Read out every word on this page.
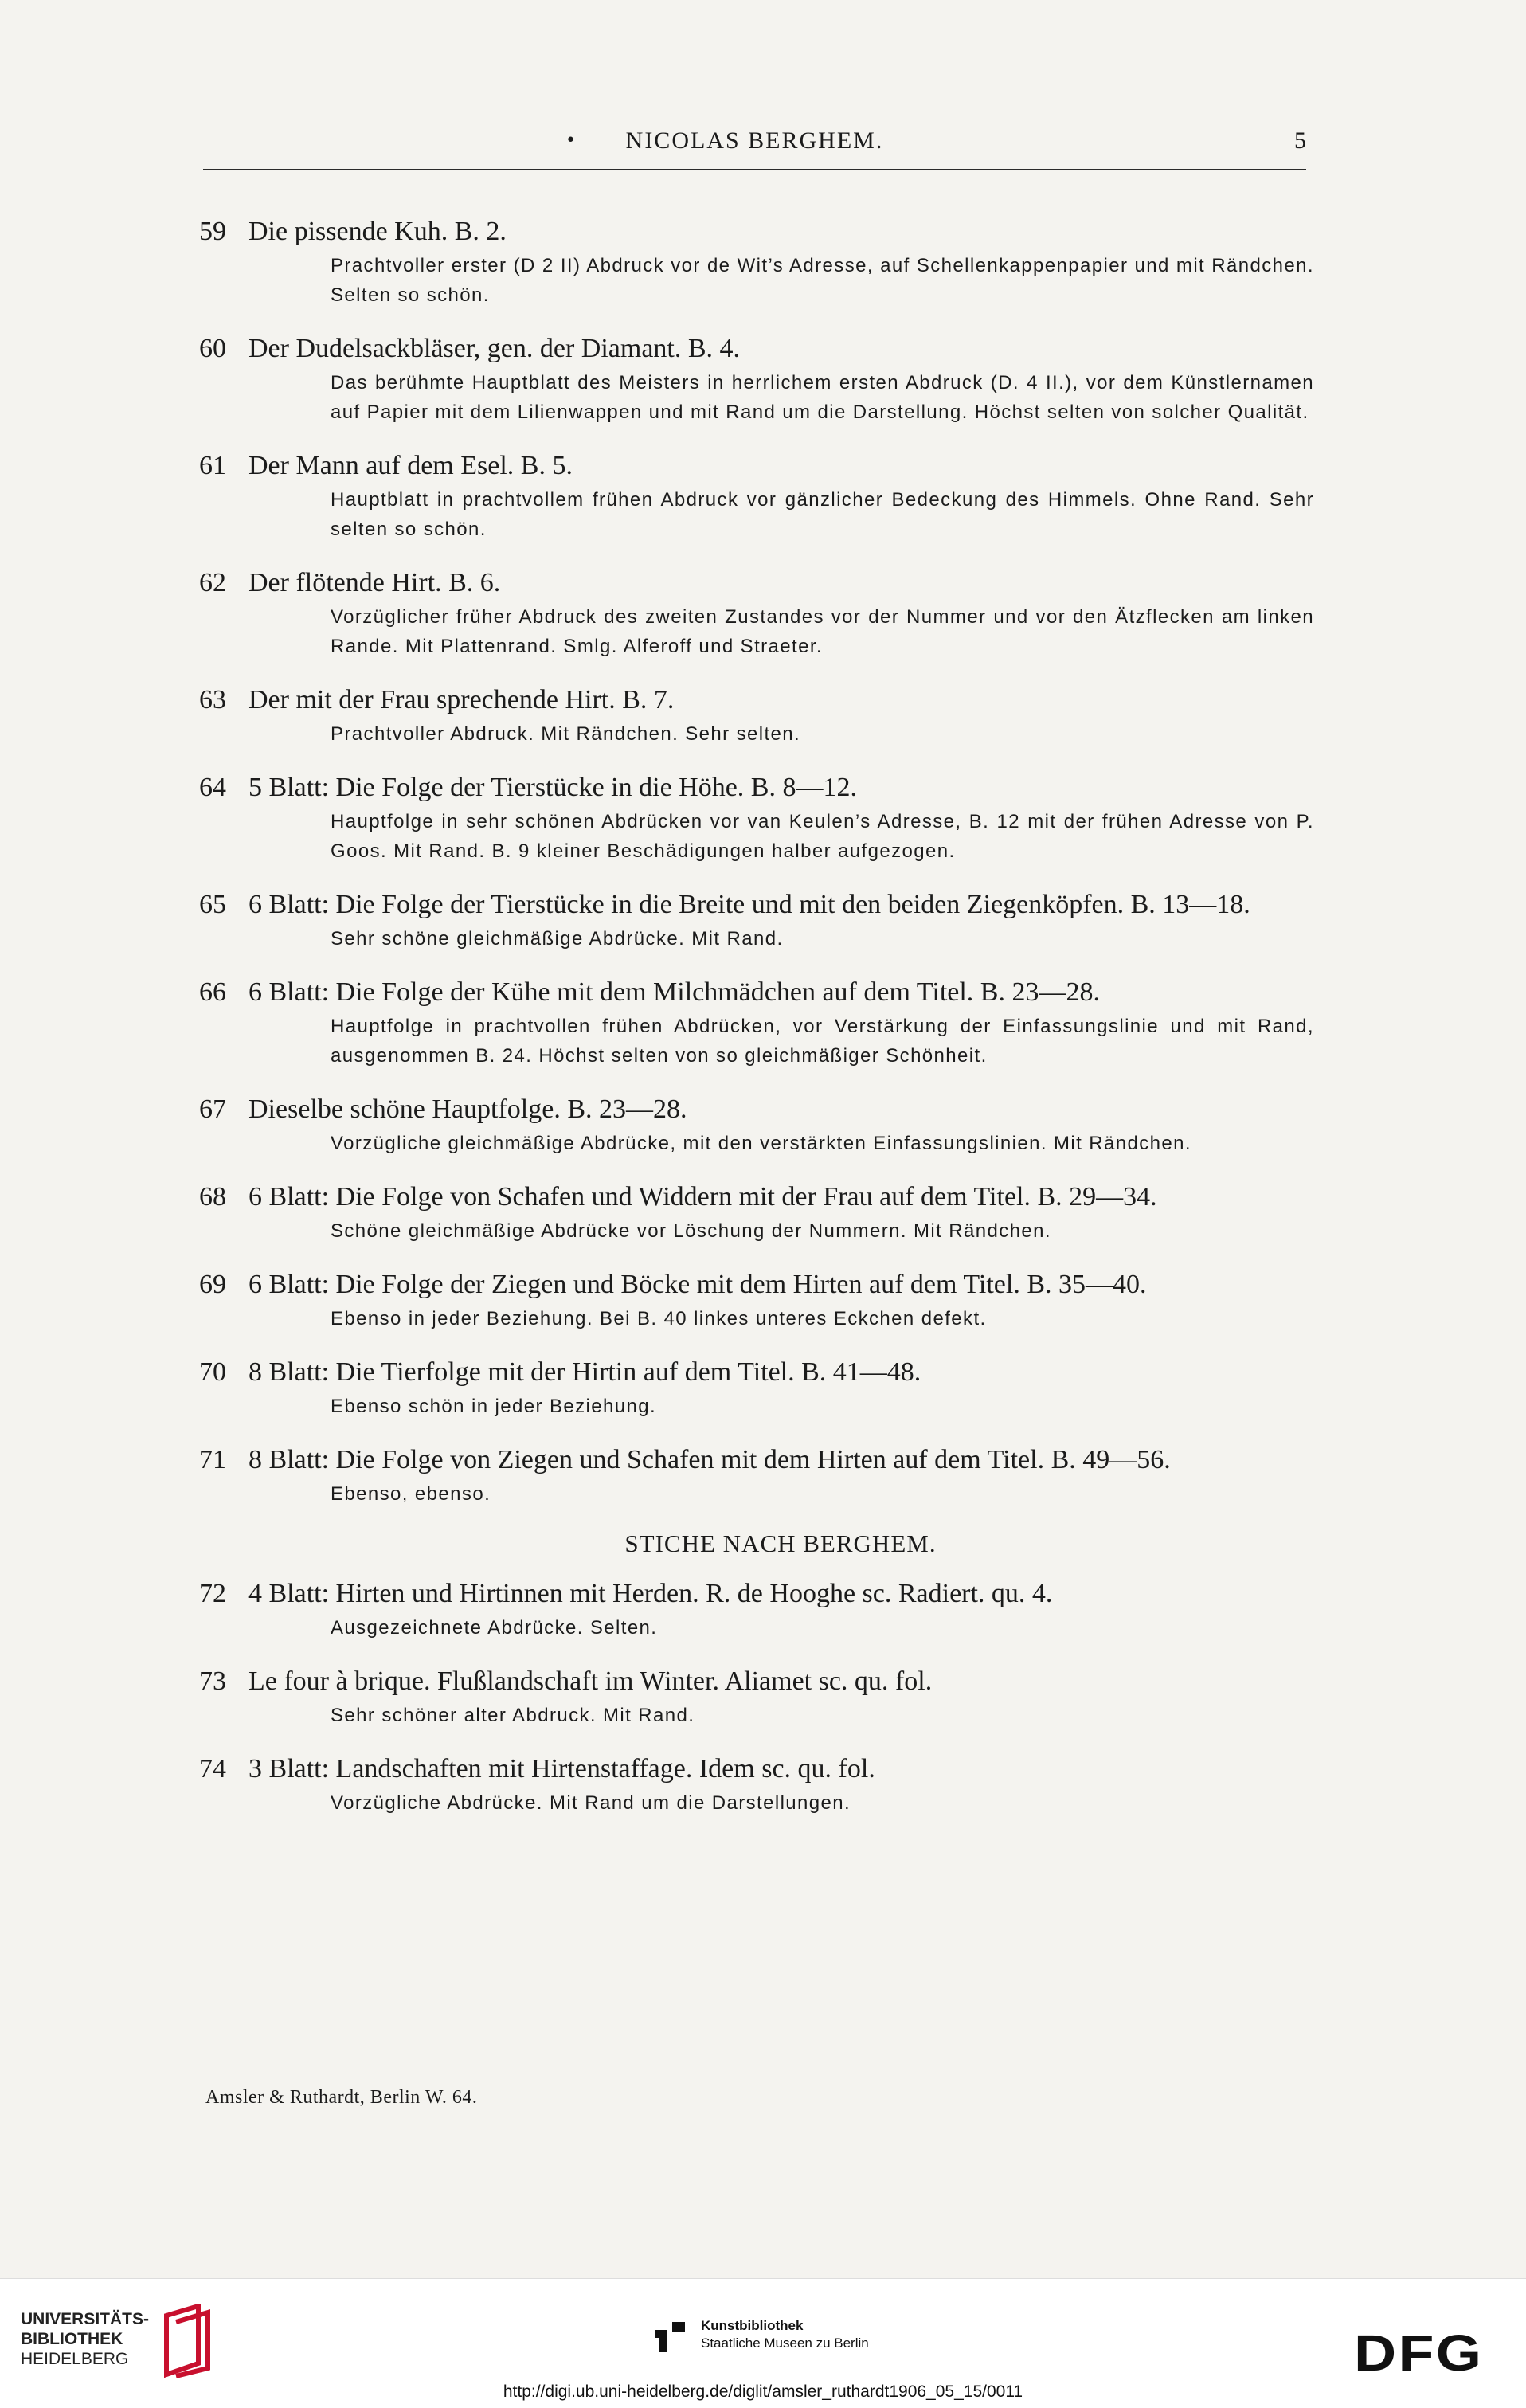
•	NICOLAS BERGHEM.	5
59 Die pissende Kuh. B. 2.
Prachtvoller erster (D 2 II) Abdruck vor de Wit’s Adresse, auf Schellenkappenpapier und mit Rändchen. Selten so schön.
60 Der Dudelsackbläser, gen. der Diamant. B. 4.
Das berühmte Hauptblatt des Meisters in herrlichem ersten Abdruck (D. 4 II.), vor dem Künstlernamen auf Papier mit dem Lilienwappen und mit Rand um die Darstellung. Höchst selten von solcher Qualität.
61 Der Mann auf dem Esel. B. 5.
Hauptblatt in prachtvollem frühen Abdruck vor gänzlicher Bedeckung des Himmels. Ohne Rand. Sehr selten so schön.
62 Der flötende Hirt. B. 6.
Vorzüglicher früher Abdruck des zweiten Zustandes vor der Nummer und vor den Ätzflecken am linken Rande. Mit Plattenrand. Smlg. Alferoff und Straeter.
63 Der mit der Frau sprechende Hirt. B. 7.
Prachtvoller Abdruck. Mit Rändchen. Sehr selten.
64 5 Blatt: Die Folge der Tierstücke in die Höhe. B. 8—12.
Hauptfolge in sehr schönen Abdrücken vor van Keulen’s Adresse, B. 12 mit der frühen Adresse von P. Goos. Mit Rand. B. 9 kleiner Beschädigungen halber aufgezogen.
65 6 Blatt: Die Folge der Tierstücke in die Breite und mit den beiden Ziegenköpfen. B. 13—18.
Sehr schöne gleichmäßige Abdrücke. Mit Rand.
66 6 Blatt: Die Folge der Kühe mit dem Milchmädchen auf dem Titel. B. 23—28.
Hauptfolge in prachtvollen frühen Abdrücken, vor Verstärkung der Einfassungslinie und mit Rand, ausgenommen B. 24. Höchst selten von so gleichmäßiger Schönheit.
67 Dieselbe schöne Hauptfolge. B. 23—28.
Vorzügliche gleichmäßige Abdrücke, mit den verstärkten Einfassungslinien. Mit Rändchen.
68 6 Blatt: Die Folge von Schafen und Widdern mit der Frau auf dem Titel. B. 29—34.
Schöne gleichmäßige Abdrücke vor Löschung der Nummern. Mit Rändchen.
69 6 Blatt: Die Folge der Ziegen und Böcke mit dem Hirten auf dem Titel. B. 35—40.
Ebenso in jeder Beziehung. Bei B. 40 linkes unteres Eckchen defekt.
70 8 Blatt: Die Tierfolge mit der Hirtin auf dem Titel. B. 41—48.
Ebenso schön in jeder Beziehung.
71 8 Blatt: Die Folge von Ziegen und Schafen mit dem Hirten auf dem Titel. B. 49—56.
Ebenso, ebenso.
STICHE NACH BERGHEM.
72 4 Blatt: Hirten und Hirtinnen mit Herden. R. de Hooghe sc. Radiert. qu. 4.
Ausgezeichnete Abdrücke. Selten.
73 Le four à brique. Flußlandschaft im Winter. Aliamet sc. qu. fol.
Sehr schöner alter Abdruck. Mit Rand.
74 3 Blatt: Landschaften mit Hirtenstaffage. Idem sc. qu. fol.
Vorzügliche Abdrücke. Mit Rand um die Darstellungen.
Amsler & Ruthardt, Berlin W. 64.
UNIVERSITÄTS-
BIBLIOTHEK
HEIDELBERG
Kunstbibliothek
Staatliche Museen zu Berlin	DFG
http://digi.ub.uni-heidelberg.de/diglit/amsler_ruthardt1906_05_15/0011
